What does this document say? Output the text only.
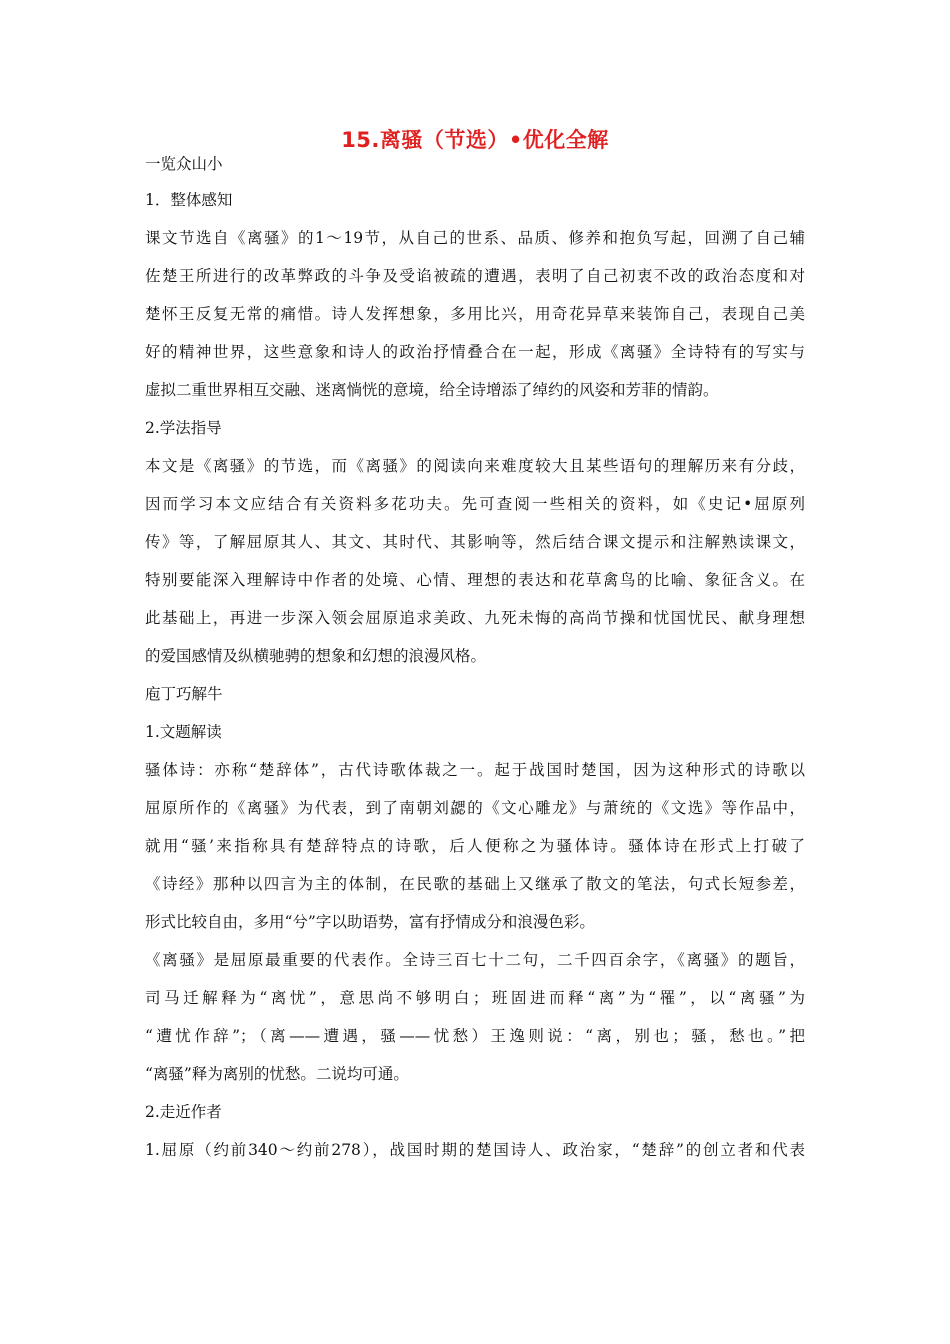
15.离骚（节选）•优化全解
一览众山小
1．整体感知
课文节选自《离骚》的1～19节，从自己的世系、品质、修养和抱负写起，回溯了自己辅
佐楚王所进行的改革弊政的斗争及受谄被疏的遭遇，表明了自己初衷不改的政治态度和对
楚怀王反复无常的痛惜。诗人发挥想象，多用比兴，用奇花异草来装饰自己，表现自己美
好的精神世界，这些意象和诗人的政治抒情叠合在一起，形成《离骚》全诗特有的写实与
虚拟二重世界相互交融、迷离惝恍的意境，给全诗增添了绰约的风姿和芳菲的情韵。
2.学法指导
本文是《离骚》的节选，而《离骚》的阅读向来难度较大且某些语句的理解历来有分歧，
因而学习本文应结合有关资料多花功夫。先可查阅一些相关的资料，如《史记•屈原列
传》等，了解屈原其人、其文、其时代、其影响等，然后结合课文提示和注解熟读课文，
特别要能深入理解诗中作者的处境、心情、理想的表达和花草禽鸟的比喻、象征含义。在
此基础上，再进一步深入领会屈原追求美政、九死未悔的高尚节操和忧国忧民、献身理想
的爱国感情及纵横驰骋的想象和幻想的浪漫风格。
庖丁巧解牛
1.文题解读
骚体诗：亦称“楚辞体”，古代诗歌体裁之一。起于战国时楚国，因为这种形式的诗歌以
屈原所作的《离骚》为代表，到了南朝刘勰的《文心雕龙》与萧统的《文选》等作品中，
就用“骚’来指称具有楚辞特点的诗歌，后人便称之为骚体诗。骚体诗在形式上打破了
《诗经》那种以四言为主的体制，在民歌的基础上又继承了散文的笔法，句式长短参差，
形式比较自由，多用“兮”字以助语势，富有抒情成分和浪漫色彩。
《离骚》是屈原最重要的代表作。全诗三百七十二句，二千四百余字，《离骚》的题旨，
司马迁解释为“离忧”，意思尚不够明白；班固进而释“离”为“罹”，以“离骚”为
“遭忧作辞”；（离——遭遇，骚——忧愁）王逸则说：“离，别也；骚，愁也。”把
“离骚”释为离别的忧愁。二说均可通。
2.走近作者
1.屈原（约前340～约前278），战国时期的楚国诗人、政治家，“楚辞”的创立者和代表
